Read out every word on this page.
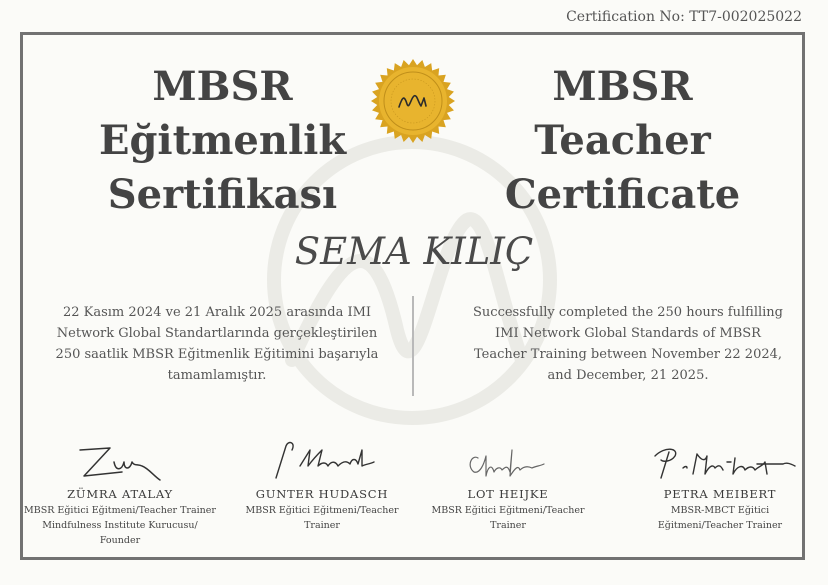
Certification No: TT7-002025022
MBSR
Eğitmenlik
Sertifikası
MBSR
Teacher
Certificate
SEMA KILIÇ
22 Kasım 2024 ve 21 Aralık 2025 arasında IMI Network Global Standartlarında gerçekleştirilen 250 saatlik MBSR Eğitmenlik Eğitimini başarıyla tamamlamıştır.
Successfully completed the 250 hours fulfilling IMI Network Global Standards of MBSR Teacher Training between November 22 2024, and December, 21 2025.
ZÜMRA ATALAY
MBSR Eğitici Eğitmeni/Teacher Trainer
Mindfulness Institute Kurucusu/
Founder
GUNTER HUDASCH
MBSR Eğitici Eğitmeni/Teacher
Trainer
LOT HEIJKE
MBSR Eğitici Eğitmeni/Teacher
Trainer
PETRA MEIBERT
MBSR-MBCT Eğitici
Eğitmeni/Teacher Trainer
